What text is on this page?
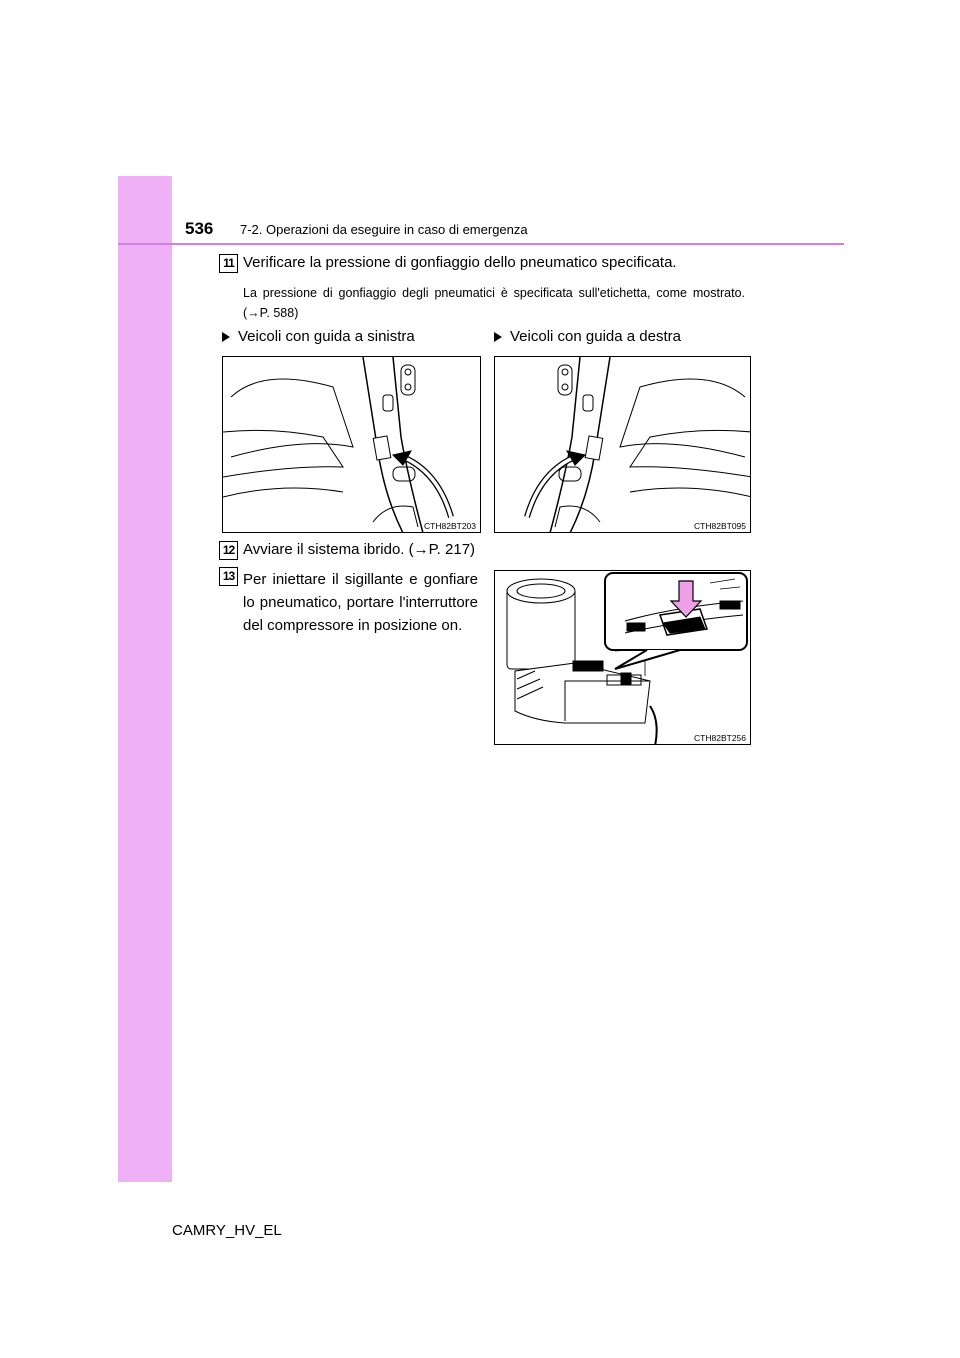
536 7-2. Operazioni da eseguire in caso di emergenza
11 Verificare la pressione di gonfiaggio dello pneumatico specificata.
La pressione di gonfiaggio degli pneumatici è specificata sull'etichetta, come mostrato. (→P. 588)
Veicoli con guida a sinistra	Veicoli con guida a destra
CTH82BT203	CTH82BT095
12 Avviare il sistema ibrido. (→P. 217)
13 Per iniettare il sigillante e gonfiare lo pneumatico, portare l'interruttore del compressore in posizione on.
CTH82BT256
CAMRY_HV_EL
